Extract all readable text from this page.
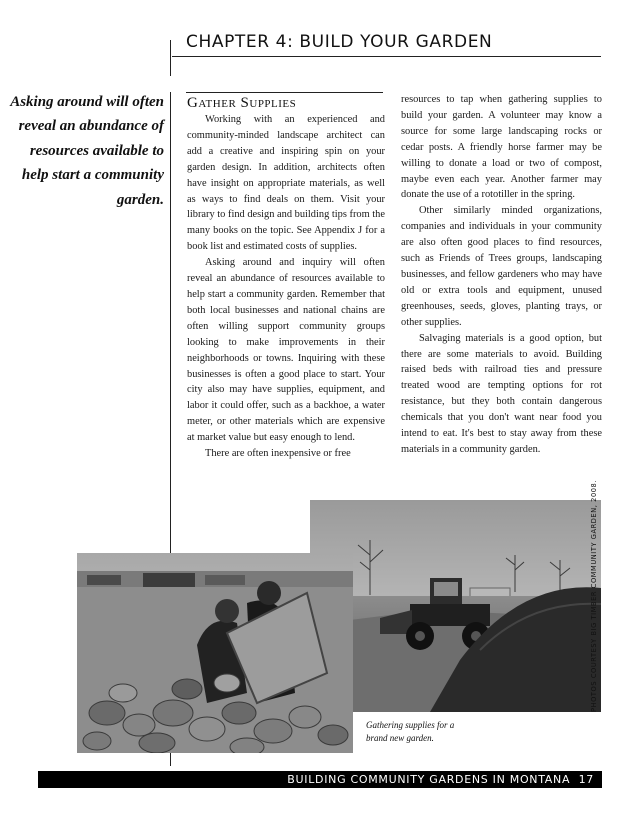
CHAPTER 4: BUILD YOUR GARDEN
Asking around will often reveal an abundance of resources available to help start a community garden.
Gather Supplies

Working with an experienced and community-minded landscape architect can add a creative and inspiring spin on your garden design. In addition, architects often have insight on appropriate materials, as well as ways to find deals on them. Visit your library to find design and building tips from the many books on the topic. See Appendix J for a book list and estimated costs of supplies.

Asking around and inquiry will often reveal an abundance of resources available to help start a community garden. Remember that both local businesses and national chains are often willing support community groups looking to make improvements in their neighborhoods or towns. Inquiring with these businesses is often a good place to start. Your city also may have supplies, equipment, and labor it could offer, such as a backhoe, a water meter, or other materials which are expensive at market value but easy enough to lend.

There are often inexpensive or free

resources to tap when gathering supplies to build your garden. A volunteer may know a source for some large landscaping rocks or cedar posts. A friendly horse farmer may be willing to donate a load or two of compost, maybe even each year. Another farmer may donate the use of a rototiller in the spring.

Other similarly minded organizations, companies and individuals in your community are also often good places to find resources, such as Friends of Trees groups, landscaping businesses, and fellow gardeners who may have old or extra tools and equipment, unused greenhouses, seeds, gloves, planting trays, or other supplies.

Salvaging materials is a good option, but there are some materials to avoid. Building raised beds with railroad ties and pressure treated wood are tempting options for rot resistance, but they both contain dangerous chemicals that you don't want near food you intend to eat. It's best to stay away from these materials in a community garden.

PHOTOS COURTESY BIG TIMBER COMMUNITY GARDEN, 2008.
Gathering supplies for a brand new garden.
BUILDING COMMUNITY GARDENS IN MONTANA 17
